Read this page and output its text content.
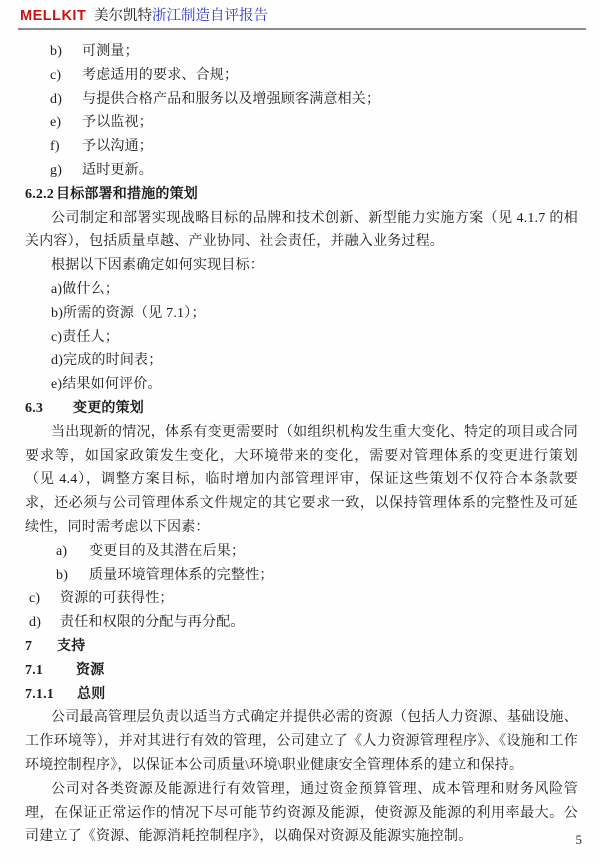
MELLKIT 美尔凯特浙江制造自评报告
b) 可测量；
c) 考虑适用的要求、合规；
d) 与提供合格产品和服务以及增强顾客满意相关；
e) 予以监视；
f) 予以沟通；
g) 适时更新。
6.2.2 目标部署和措施的策划

公司制定和部署实现战略目标的品牌和技术创新、新型能力实施方案（见 4.1.7 的相关内容），包括质量卓越、产业协同、社会责任，并融入业务过程。

根据以下因素确定如何实现目标：

a)做什么；
b)所需的资源（见 7.1）；
c)责任人；
d)完成的时间表；
e)结果如何评价。
6.3 变更的策划

当出现新的情况，体系有变更需要时（如组织机构发生重大变化、特定的项目或合同要求等，如国家政策发生变化，大环境带来的变化，需要对管理体系的变更进行策划（见 4.4），调整方案目标，临时增加内部管理评审，保证这些策划不仅符合本条款要求，还必须与公司管理体系文件规定的其它要求一致，以保持管理体系的完整性及可延续性，同时需考虑以下因素：

a) 变更目的及其潜在后果；
b) 质量环境管理体系的完整性；
c) 资源的可获得性；
d) 责任和权限的分配与再分配。
7 支持
7.1 资源
7.1.1 总则

公司最高管理层负责以适当方式确定并提供必需的资源（包括人力资源、基础设施、工作环境等），并对其进行有效的管理，公司建立了《人力资源管理程序》、《设施和工作环境控制程序》，以保证本公司质量\环境\职业健康安全管理体系的建立和保持。

公司对各类资源及能源进行有效管理，通过资金预算管理、成本管理和财务风险管理，在保证正常运作的情况下尽可能节约资源及能源，使资源及能源的利用率最大。公司建立了《资源、能源消耗控制程序》，以确保对资源及能源实施控制。	5
